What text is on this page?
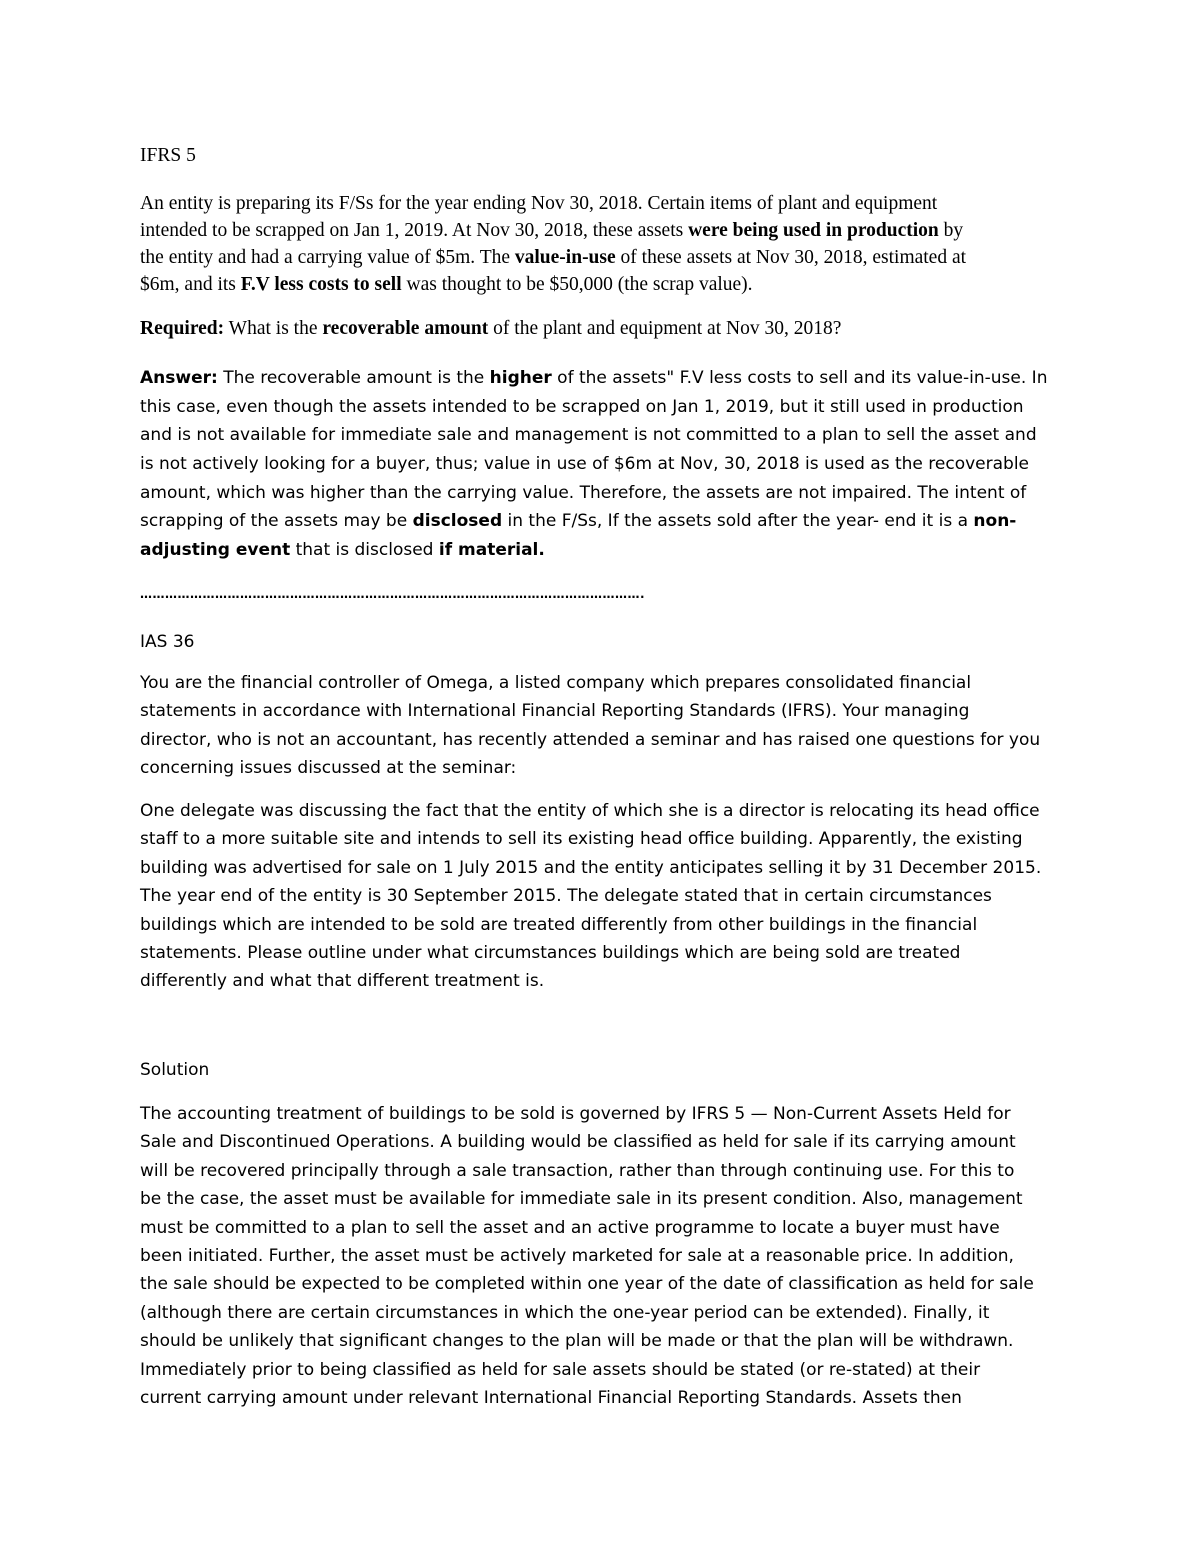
IFRS 5
An entity is preparing its F/Ss for the year ending Nov 30, 2018. Certain items of plant and equipment
intended to be scrapped on Jan 1, 2019. At Nov 30, 2018, these assets were being used in production by
the entity and had a carrying value of $5m. The value-in-use of these assets at Nov 30, 2018, estimated at
$6m, and its F.V less costs to sell was thought to be $50,000 (the scrap value).
Required: What is the recoverable amount of the plant and equipment at Nov 30, 2018?
Answer: The recoverable amount is the higher of the assets" F.V less costs to sell and its value-in-use. In
this case, even though the assets intended to be scrapped on Jan 1, 2019, but it still used in production
and is not available for immediate sale and management is not committed to a plan to sell the asset and
is not actively looking for a buyer, thus; value in use of $6m at Nov, 30, 2018 is used as the recoverable
amount, which was higher than the carrying value. Therefore, the assets are not impaired. The intent of
scrapping of the assets may be disclosed in the F/Ss, If the assets sold after the year- end it is a non-
adjusting event that is disclosed if material.
………………………………………………………………………………………………………….
IAS 36
You are the financial controller of Omega, a listed company which prepares consolidated financial
statements in accordance with International Financial Reporting Standards (IFRS). Your managing
director, who is not an accountant, has recently attended a seminar and has raised one questions for you
concerning issues discussed at the seminar:
One delegate was discussing the fact that the entity of which she is a director is relocating its head office
staff to a more suitable site and intends to sell its existing head office building. Apparently, the existing
building was advertised for sale on 1 July 2015 and the entity anticipates selling it by 31 December 2015.
The year end of the entity is 30 September 2015. The delegate stated that in certain circumstances
buildings which are intended to be sold are treated differently from other buildings in the financial
statements. Please outline under what circumstances buildings which are being sold are treated
differently and what that different treatment is.
Solution
The accounting treatment of buildings to be sold is governed by IFRS 5 — Non-Current Assets Held for
Sale and Discontinued Operations. A building would be classified as held for sale if its carrying amount
will be recovered principally through a sale transaction, rather than through continuing use. For this to
be the case, the asset must be available for immediate sale in its present condition. Also, management
must be committed to a plan to sell the asset and an active programme to locate a buyer must have
been initiated. Further, the asset must be actively marketed for sale at a reasonable price. In addition,
the sale should be expected to be completed within one year of the date of classification as held for sale
(although there are certain circumstances in which the one-year period can be extended). Finally, it
should be unlikely that significant changes to the plan will be made or that the plan will be withdrawn.
Immediately prior to being classified as held for sale assets should be stated (or re-stated) at their
current carrying amount under relevant International Financial Reporting Standards. Assets then
